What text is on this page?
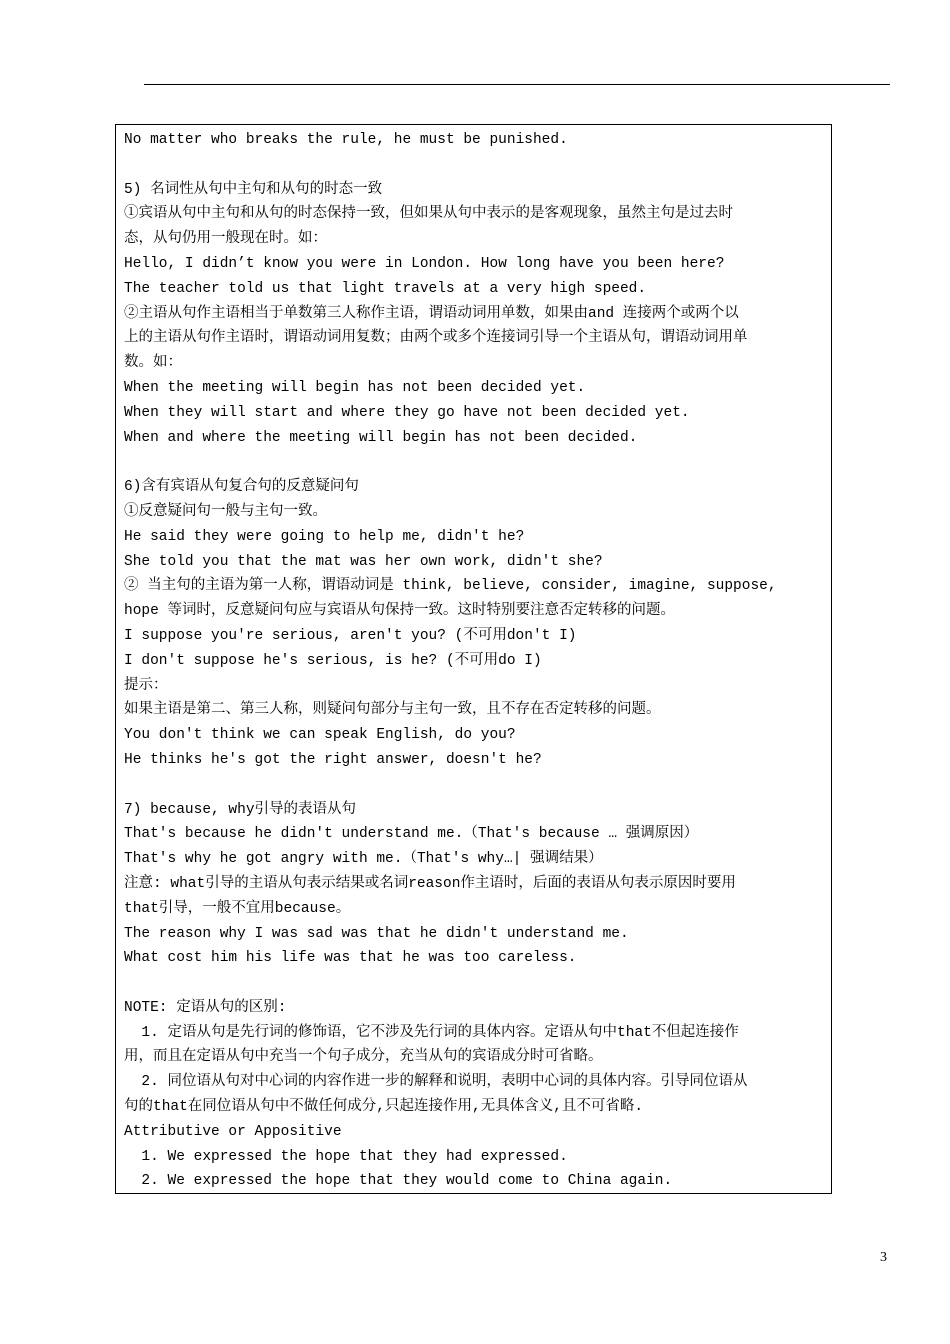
No matter who breaks the rule, he must be punished.
5) 名词性从句中主句和从句的时态一致
①宾语从句中主句和从句的时态保持一致，但如果从句中表示的是客观现象，虽然主句是过去时
态，从句仍用一般现在时。如：
Hello, I didn’t know you were in London. How long have you been here?
The teacher told us that light travels at a very high speed.
②主语从句作主语相当于单数第三人称作主语，谓语动词用单数，如果由and 连接两个或两个以
上的主语从句作主语时，谓语动词用复数；由两个或多个连接词引导一个主语从句，谓语动词用单
数。如：
When the meeting will begin has not been decided yet.
When they will start and where they go have not been decided yet.
When and where the meeting will begin has not been decided.
6)含有宾语从句复合句的反意疑问句
①反意疑问句一般与主句一致。
He said they were going to help me, didn't he?
She told you that the mat was her own work, didn't she?
② 当主句的主语为第一人称，谓语动词是 think, believe, consider, imagine, suppose,
hope 等词时，反意疑问句应与宾语从句保持一致。这时特别要注意否定转移的问题。
I suppose you're serious, aren't you? (不可用don't I)
I don't suppose he's serious, is he? (不可用do I)
提示：
如果主语是第二、第三人称，则疑问句部分与主句一致，且不存在否定转移的问题。
You don't think we can speak English, do you?
He thinks he's got the right answer, doesn't he?
7) because, why引导的表语从句
That's because he didn't understand me.（That's because … 强调原因）
That's why he got angry with me.（That's why…| 强调结果）
注意: what引导的主语从句表示结果或名词reason作主语时，后面的表语从句表示原因时要用
that引导，一般不宜用because。
The reason why I was sad was that he didn't understand me.
What cost him his life was that he was too careless.
NOTE: 定语从句的区别:
1. 定语从句是先行词的修饰语，它不涉及先行词的具体内容。定语从句中that不但起连接作
用，而且在定语从句中充当一个句子成分，充当从句的宾语成分时可省略。
2. 同位语从句对中心词的内容作进一步的解释和说明，表明中心词的具体内容。引导同位语从
句的that在同位语从句中不做任何成分,只起连接作用,无具体含义,且不可省略.
Attributive or Appositive
1. We expressed the hope that they had expressed.
2. We expressed the hope that they would come to China again.
3
